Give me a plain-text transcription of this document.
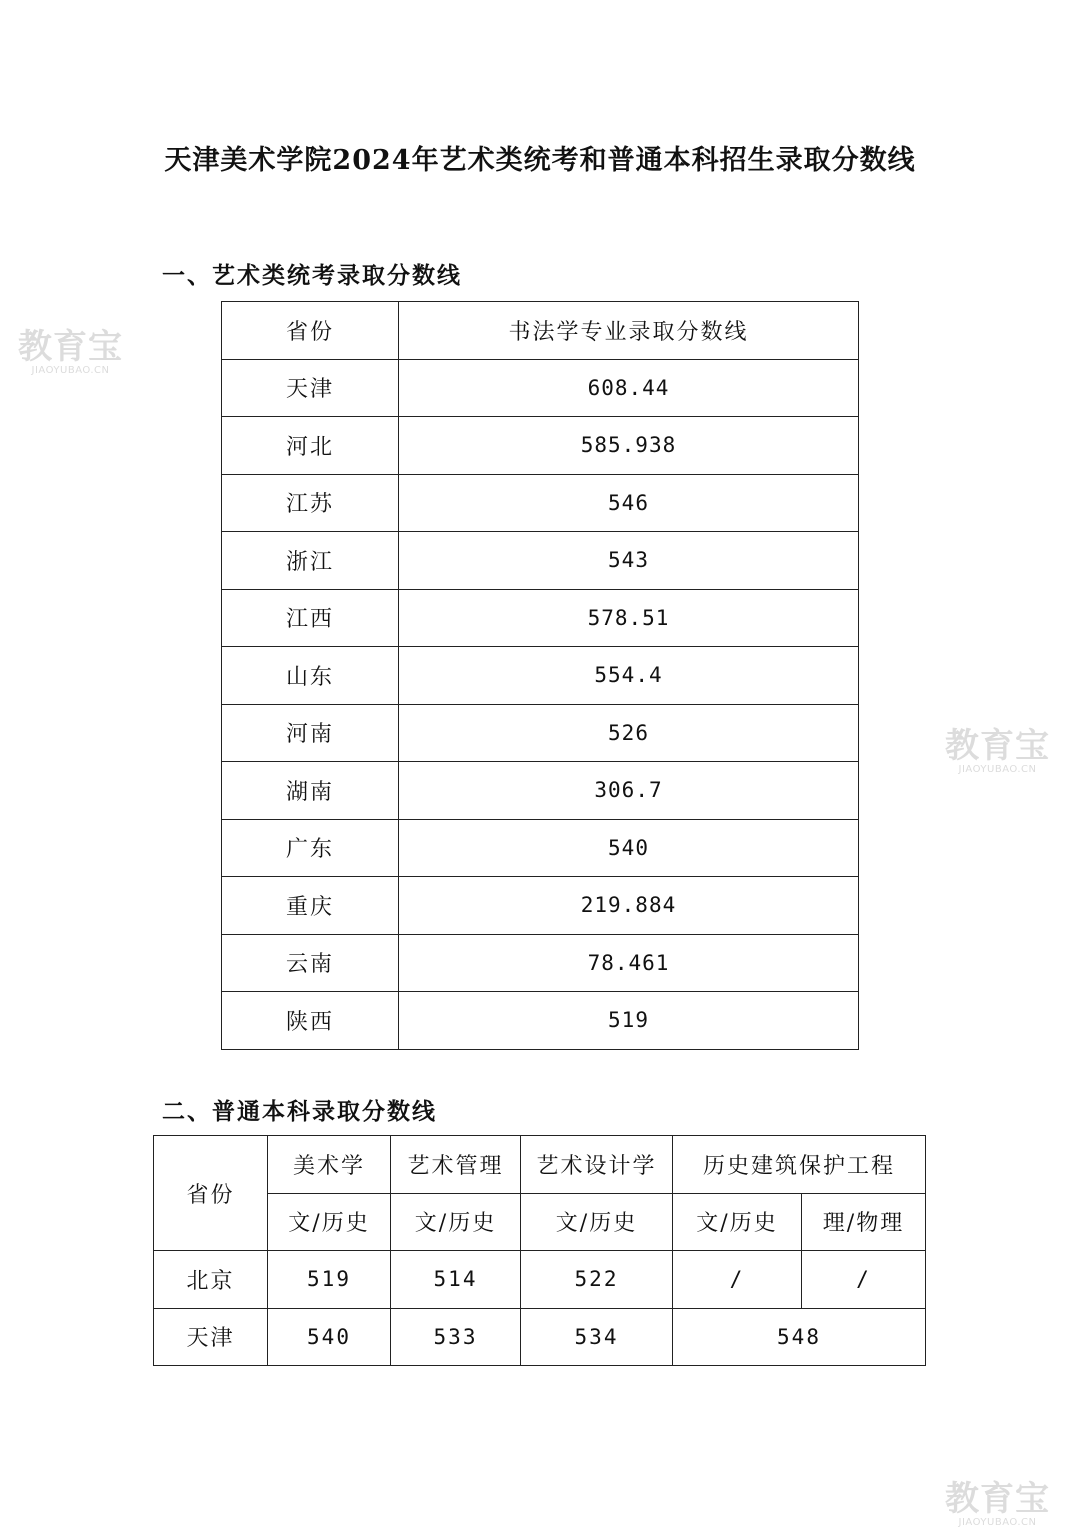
天津美术学院2024年艺术类统考和普通本科招生录取分数线
一、艺术类统考录取分数线
省份	书法学专业录取分数线
天津	608.44
河北	585.938
江苏	546
浙江	543
江西	578.51
山东	554.4
河南	526
湖南	306.7
广东	540
重庆	219.884
云南	78.461
陕西	519
二、普通本科录取分数线
省份	美术学	艺术管理	艺术设计学	历史建筑保护工程	
	文/历史	文/历史	文/历史	文/历史	理/物理
北京	519	514	522	/	/
天津	540	533	534	548	
教育宝
JIAOYUBAO.CN
教育宝
JIAOYUBAO.CN
教育宝
JIAOYUBAO.CN
